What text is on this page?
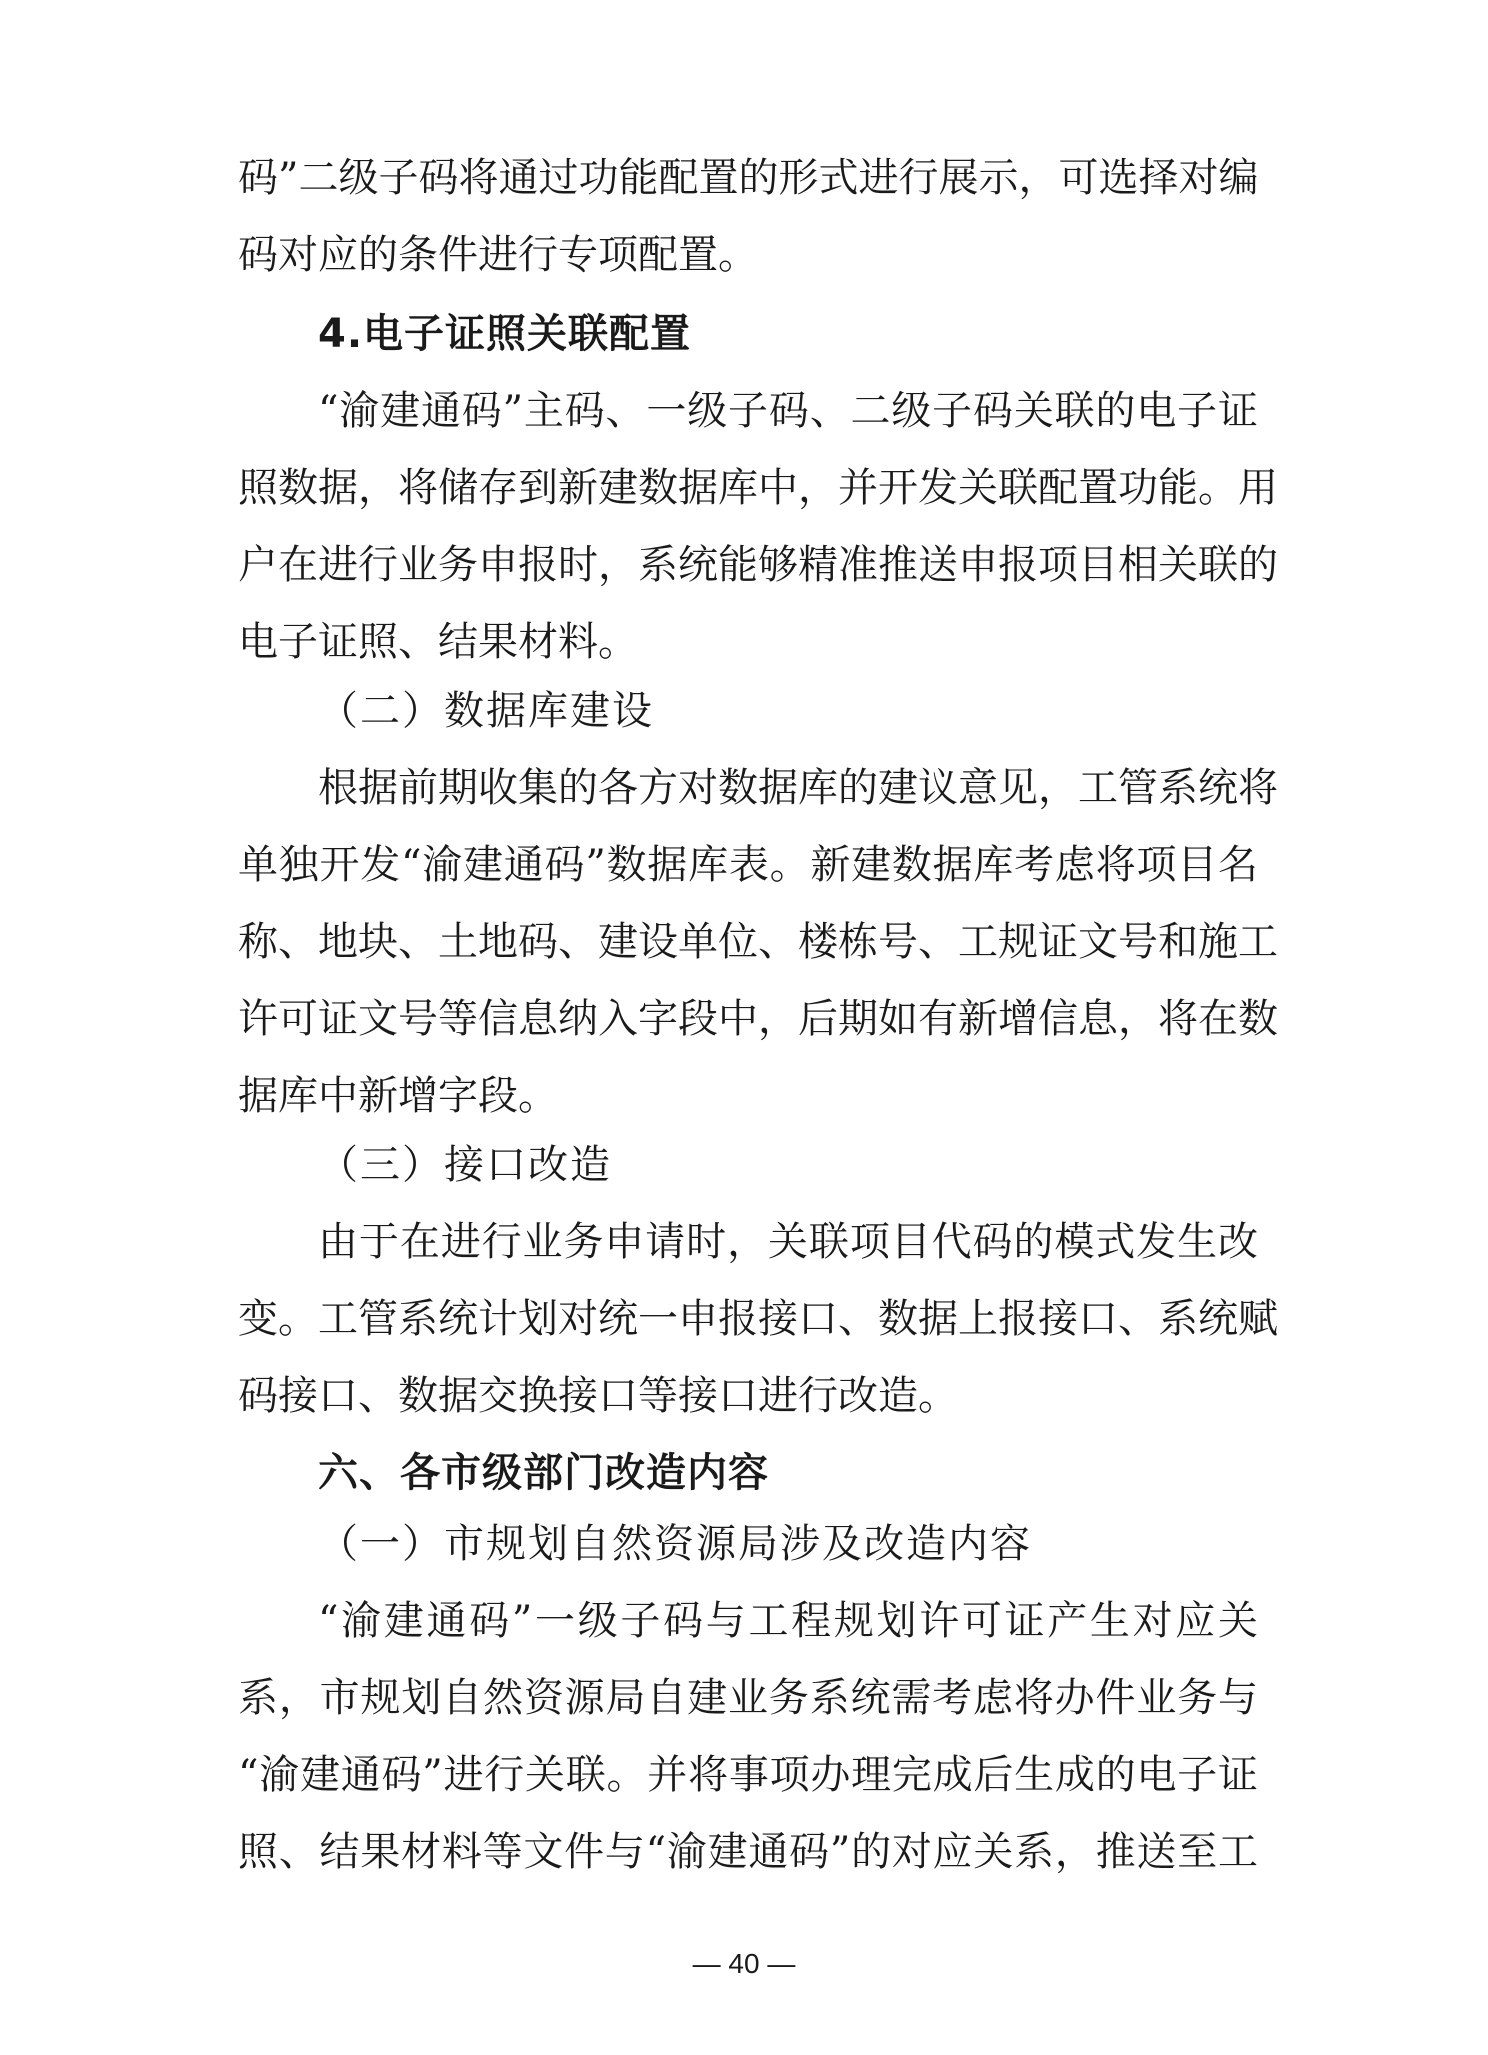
码”二级子码将通过功能配置的形式进行展示，可选择对编
码对应的条件进行专项配置。
4.电子证照关联配置
“渝建通码”主码、一级子码、二级子码关联的电子证
照数据，将储存到新建数据库中，并开发关联配置功能。用
户在进行业务申报时，系统能够精准推送申报项目相关联的
电子证照、结果材料。
（二）数据库建设
根据前期收集的各方对数据库的建议意见，工管系统将
单独开发“渝建通码”数据库表。新建数据库考虑将项目名
称、地块、土地码、建设单位、楼栋号、工规证文号和施工
许可证文号等信息纳入字段中，后期如有新增信息，将在数
据库中新增字段。
（三）接口改造
由于在进行业务申请时，关联项目代码的模式发生改
变。工管系统计划对统一申报接口、数据上报接口、系统赋
码接口、数据交换接口等接口进行改造。
六、各市级部门改造内容
（一）市规划自然资源局涉及改造内容
“渝建通码”一级子码与工程规划许可证产生对应关
系，市规划自然资源局自建业务系统需考虑将办件业务与
“渝建通码”进行关联。并将事项办理完成后生成的电子证
照、结果材料等文件与“渝建通码”的对应关系，推送至工
— 40 —
